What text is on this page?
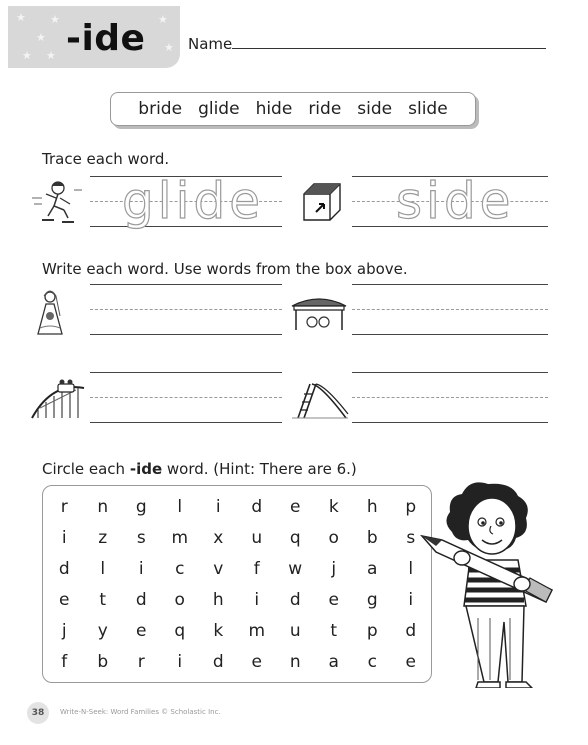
★
★
★
★
★
★
★
-ide	Name
bride glide hide ride side slide
Trace each word.
glide	side
Write each word. Use words from the box above.
Circle each -ide word. (Hint: There are 6.)
r	n	g	l	i	d	e	k	h	p
i	z	s	m	x	u	q	o	b	s
d	l	i	c	v	f	w	j	a	l
e	t	d	o	h	i	d	e	g	i
j	y	e	q	k	m	u	t	p	d
f	b	r	i	d	e	n	a	c	e
38	Write-N-Seek: Word Families © Scholastic Inc.
